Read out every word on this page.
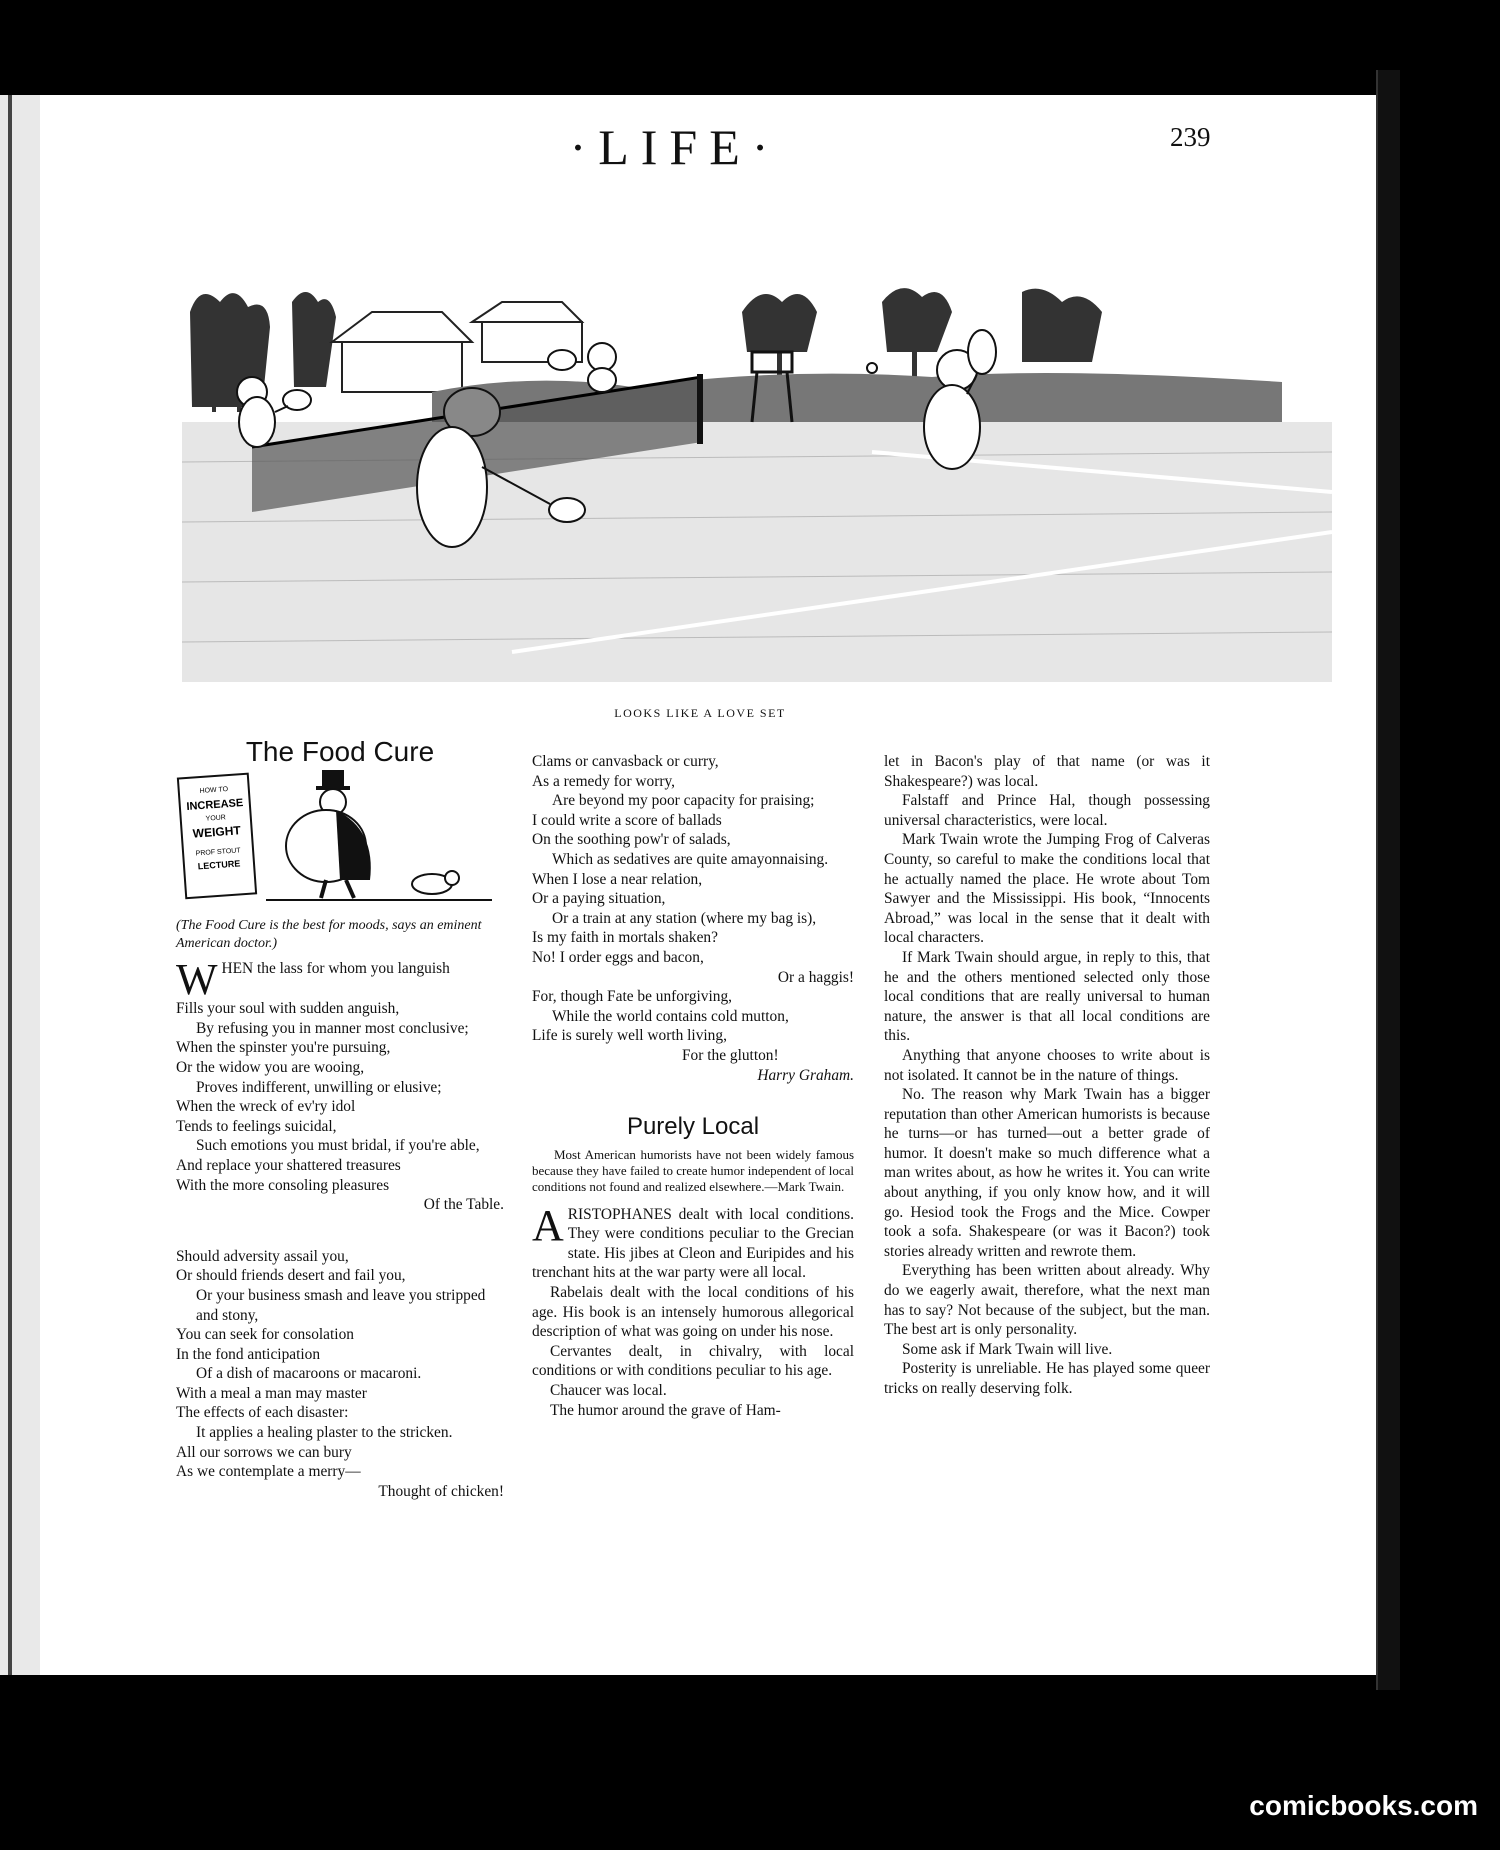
·LIFE·	239
LOOKS LIKE A LOVE SET

The Food Cure

HOW TO
INCREASE
YOUR
WEIGHT
PROF STOUT
LECTURE

(The Food Cure is the best for moods, says an eminent American doctor.)

WHEN the lass for whom you languish

Fills your soul with sudden anguish,

By refusing you in manner most conclusive;

When the spinster you're pursuing,

Or the widow you are wooing,

Proves indifferent, unwilling or elusive;

When the wreck of ev'ry idol

Tends to feelings suicidal,

Such emotions you must bridal, if you're able,

And replace your shattered treasures

With the more consoling pleasures

Of the Table.

Should adversity assail you,

Or should friends desert and fail you,

Or your business smash and leave you stripped and stony,

You can seek for consolation

In the fond anticipation

Of a dish of macaroons or macaroni.

With a meal a man may master

The effects of each disaster:

It applies a healing plaster to the stricken.

All our sorrows we can bury

As we contemplate a merry—

Thought of chicken!

Clams or canvasback or curry,

As a remedy for worry,

Are beyond my poor capacity for praising;

I could write a score of ballads

On the soothing pow'r of salads,

Which as sedatives are quite amayonnaising.

When I lose a near relation,

Or a paying situation,

Or a train at any station (where my bag is),

Is my faith in mortals shaken?

No! I order eggs and bacon,

Or a haggis!

For, though Fate be unforgiving,

While the world contains cold mutton,

Life is surely well worth living,

For the glutton!

Harry Graham.

Purely Local

Most American humorists have not been widely famous because they have failed to create humor independent of local conditions not found and realized elsewhere.—Mark Twain.

ARISTOPHANES dealt with local conditions. They were conditions peculiar to the Grecian state. His jibes at Cleon and Euripides and his trenchant hits at the war party were all local.

Rabelais dealt with the local conditions of his age. His book is an intensely humorous allegorical description of what was going on under his nose.

Cervantes dealt, in chivalry, with local conditions or with conditions peculiar to his age.

Chaucer was local.

The humor around the grave of Ham-

let in Bacon's play of that name (or was it Shakespeare?) was local.

Falstaff and Prince Hal, though possessing universal characteristics, were local.

Mark Twain wrote the Jumping Frog of Calveras County, so careful to make the conditions local that he actually named the place. He wrote about Tom Sawyer and the Mississippi. His book, “Innocents Abroad,” was local in the sense that it dealt with local characters.

If Mark Twain should argue, in reply to this, that he and the others mentioned selected only those local conditions that are really universal to human nature, the answer is that all local conditions are this.

Anything that anyone chooses to write about is not isolated. It cannot be in the nature of things.

No. The reason why Mark Twain has a bigger reputation than other American humorists is because he turns—or has turned—out a better grade of humor. It doesn't make so much difference what a man writes about, as how he writes it. You can write about anything, if you only know how, and it will go. Hesiod took the Frogs and the Mice. Cowper took a sofa. Shakespeare (or was it Bacon?) took stories already written and rewrote them.

Everything has been written about already. Why do we eagerly await, therefore, what the next man has to say? Not because of the subject, but the man. The best art is only personality.

Some ask if Mark Twain will live.

Posterity is unreliable. He has played some queer tricks on really deserving folk.

comicbooks.com
